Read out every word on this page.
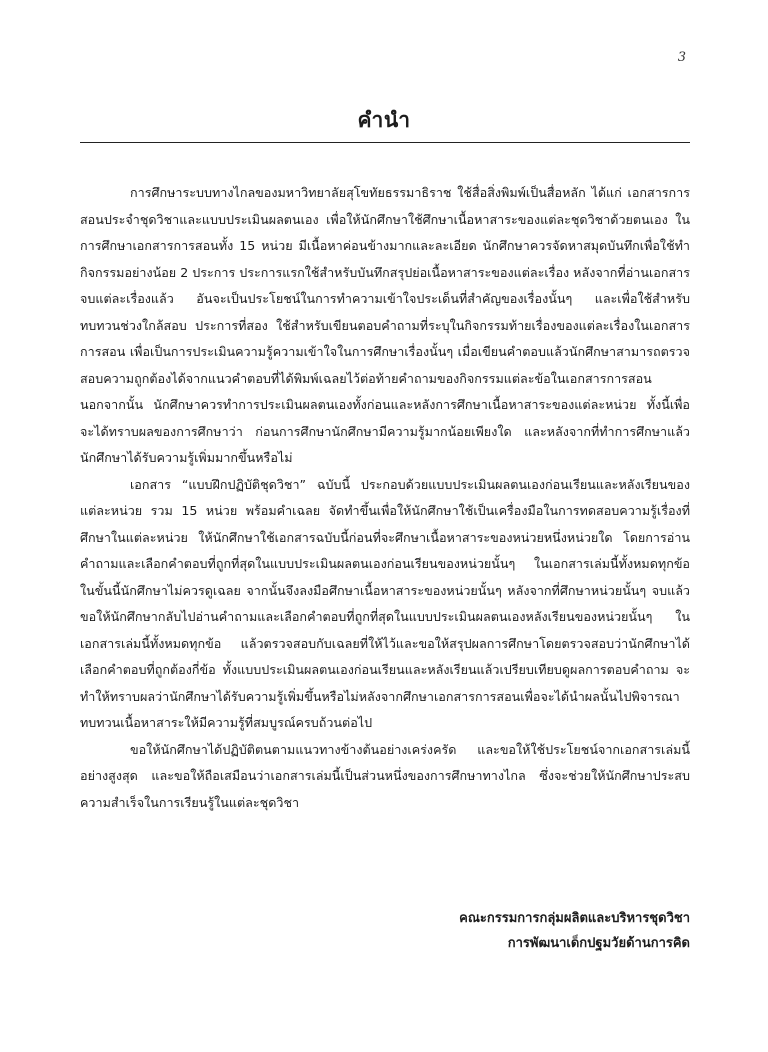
3
คำนำ

การศึกษาระบบทางไกลของมหาวิทยาลัยสุโขทัยธรรมาธิราช ใช้สื่อสิ่งพิมพ์เป็นสื่อหลัก ได้แก่ เอกสารการสอนประจำชุดวิชาและแบบประเมินผลตนเอง เพื่อให้นักศึกษาใช้ศึกษาเนื้อหาสาระของแต่ละชุดวิชาด้วยตนเอง ในการศึกษาเอกสารการสอนทั้ง 15 หน่วย มีเนื้อหาค่อนข้างมากและละเอียด นักศึกษาควรจัดหาสมุดบันทึกเพื่อใช้ทำกิจกรรมอย่างน้อย 2 ประการ ประการแรกใช้สำหรับบันทึกสรุปย่อเนื้อหาสาระของแต่ละเรื่อง หลังจากที่อ่านเอกสารจบแต่ละเรื่องแล้ว อันจะเป็นประโยชน์ในการทำความเข้าใจประเด็นที่สำคัญของเรื่องนั้นๆ และเพื่อใช้สำหรับทบทวนช่วงใกล้สอบ ประการที่สอง ใช้สำหรับเขียนตอบคำถามที่ระบุในกิจกรรมท้ายเรื่องของแต่ละเรื่องในเอกสารการสอน เพื่อเป็นการประเมินความรู้ความเข้าใจในการศึกษาเรื่องนั้นๆ เมื่อเขียนคำตอบแล้วนักศึกษาสามารถตรวจสอบความถูกต้องได้จากแนวคำตอบที่ได้พิมพ์เฉลยไว้ต่อท้ายคำถามของกิจกรรมแต่ละข้อในเอกสารการสอน นอกจากนั้น นักศึกษาควรทำการประเมินผลตนเองทั้งก่อนและหลังการศึกษาเนื้อหาสาระของแต่ละหน่วย ทั้งนี้เพื่อจะได้ทราบผลของการศึกษาว่า ก่อนการศึกษานักศึกษามีความรู้มากน้อยเพียงใด และหลังจากที่ทำการศึกษาแล้วนักศึกษาได้รับความรู้เพิ่มมากขึ้นหรือไม่

เอกสาร “แบบฝึกปฏิบัติชุดวิชา” ฉบับนี้ ประกอบด้วยแบบประเมินผลตนเองก่อนเรียนและหลังเรียนของแต่ละหน่วย รวม 15 หน่วย พร้อมคำเฉลย จัดทำขึ้นเพื่อให้นักศึกษาใช้เป็นเครื่องมือในการทดสอบความรู้เรื่องที่ศึกษาในแต่ละหน่วย ให้นักศึกษาใช้เอกสารฉบับนี้ก่อนที่จะศึกษาเนื้อหาสาระของหน่วยหนึ่งหน่วยใด โดยการอ่านคำถามและเลือกคำตอบที่ถูกที่สุดในแบบประเมินผลตนเองก่อนเรียนของหน่วยนั้นๆ ในเอกสารเล่มนี้ทั้งหมดทุกข้อ ในขั้นนี้นักศึกษาไม่ควรดูเฉลย จากนั้นจึงลงมือศึกษาเนื้อหาสาระของหน่วยนั้นๆ หลังจากที่ศึกษาหน่วยนั้นๆ จบแล้ว ขอให้นักศึกษากลับไปอ่านคำถามและเลือกคำตอบที่ถูกที่สุดในแบบประเมินผลตนเองหลังเรียนของหน่วยนั้นๆ ในเอกสารเล่มนี้ทั้งหมดทุกข้อ แล้วตรวจสอบกับเฉลยที่ให้ไว้และขอให้สรุปผลการศึกษาโดยตรวจสอบว่านักศึกษาได้เลือกคำตอบที่ถูกต้องกี่ข้อ ทั้งแบบประเมินผลตนเองก่อนเรียนและหลังเรียนแล้วเปรียบเทียบดูผลการตอบคำถาม จะทำให้ทราบผลว่านักศึกษาได้รับความรู้เพิ่มขึ้นหรือไม่หลังจากศึกษาเอกสารการสอนเพื่อจะได้นำผลนั้นไปพิจารณาทบทวนเนื้อหาสาระให้มีความรู้ที่สมบูรณ์ครบถ้วนต่อไป

ขอให้นักศึกษาได้ปฏิบัติตนตามแนวทางข้างต้นอย่างเคร่งครัด และขอให้ใช้ประโยชน์จากเอกสารเล่มนี้อย่างสูงสุด และขอให้ถือเสมือนว่าเอกสารเล่มนี้เป็นส่วนหนึ่งของการศึกษาทางไกล ซึ่งจะช่วยให้นักศึกษาประสบความสำเร็จในการเรียนรู้ในแต่ละชุดวิชา

คณะกรรมการกลุ่มผลิตและบริหารชุดวิชา
การพัฒนาเด็กปฐมวัยด้านการคิด
